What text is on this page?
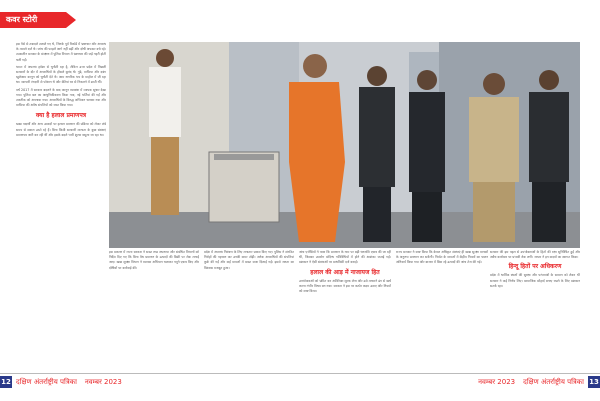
कवर स्टोरी

इस पैसे से तबादले तलाशे गए थे, जिनके पूर्व रिकॉर्ड में भ्रष्टाचार और अपराध के मामले दर्ज थे। जांच की फाइलें आगे नहीं बढ़ीं और दोषी अफसर बचे रहे। तत्कालीन सरकार के संरक्षण में पुलिस विभाग में भ्रष्टाचार की जड़ें गहरी होती चली गईं।

भारत में अपराध हमेशा से चुनौती रहा है, लेकिन उत्तर प्रदेश में पिछली सरकारों के दौर में अपराधियों के हौसले बुलंद थे। गुंडे, माफिया और दबंग खुलेआम कानून को चुनौती देते थे। आम नागरिक भय के माहौल में जी रहा था। व्यापारी रंगदारी से परेशान थे और बेटियां घर से निकलने में डरती थीं।

वर्ष 2017 में सरकार बदलने के बाद कानून व्यवस्था में व्यापक सुधार देखा गया। पुलिस बल का आधुनिकीकरण किया गया, नई भर्तियां की गईं और तकनीक को अपनाया गया। अपराधियों के विरुद्ध अभियान चलाया गया और माफिया की अवैध संपत्तियों को जब्त किया गया।

क्या है हलाल प्रमाणपत्र

खाद्य पदार्थों और अन्य उत्पादों पर हलाल प्रमाणन की प्रक्रिया को लेकर लंबे समय से सवाल उठते रहे हैं। बिना किसी सरकारी मान्यता के कुछ संस्थाएं प्रमाणपत्र जारी कर रही थीं और इसके बदले भारी शुल्क वसूला जा रहा था।

इस प्रकरण में राज्य सरकार ने सख्त रुख अपनाया और संबंधित विभागों को निर्देश दिए गए कि बिना वैध प्रमाणन के उत्पादों की बिक्री पर रोक लगाई जाए। खाद्य सुरक्षा विभाग ने व्यापक अभियान चलाकर नमूने एकत्र किए और दोषियों पर कार्रवाई की।

प्रदेश में अपराध नियंत्रण के लिए लगातार प्रयास किए गए। पुलिस ने संगठित गिरोहों की पहचान कर उनकी कमर तोड़ी। अनेक अपराधियों की संपत्तियां कुर्क की गईं और कई मामलों में सख्त सजा दिलाई गई। इससे जनता का विश्वास मजबूत हुआ।

जांच एजेंसियों ने पाया कि प्रमाणन के नाम पर बड़ी धनराशि एकत्र की जा रही थी, जिसका उपयोग संदिग्ध गतिविधियों में होने की आशंका जताई गई। प्रशासन ने ऐसी संस्थाओं पर प्राथमिकी दर्ज कराई।

हलाल की आड़ में नाजायज हित

उपभोक्ताओं को भ्रमित कर अतिरिक्त शुल्क लेना और उसे मनमाने ढंग से खर्च करना गंभीर विषय बन गया। सरकार ने इस पर कठोर कदम उठाए और नियमों को स्पष्ट किया।

राज्य सरकार ने स्पष्ट किया कि केवल अधिकृत संस्थाएं ही खाद्य सुरक्षा मानकों के अनुरूप प्रमाणन कर सकेंगी। निर्यात के मामलों में केंद्रीय नियमों का पालन अनिवार्य किया गया और बाजार में बिक रहे उत्पादों की जांच तेज की गई।

सरकार की इस पहल से उपभोक्ताओं के हितों की रक्षा सुनिश्चित हुई और अवैध कारोबार पर प्रभावी रोक लगी। जनता ने इन कदमों का स्वागत किया।

हिन्दू हितों पर अधिकरण

प्रदेश में धार्मिक स्थलों की सुरक्षा और परंपराओं के सम्मान को लेकर भी सरकार ने कई निर्णय लिए। सामाजिक सौहार्द बनाए रखने के लिए प्रशासन सतर्क रहा।

12 दक्षिण अंतर्राष्ट्रीय पत्रिका	नवम्बर 2023	नवम्बर 2023	दक्षिण अंतर्राष्ट्रीय पत्रिका 13
